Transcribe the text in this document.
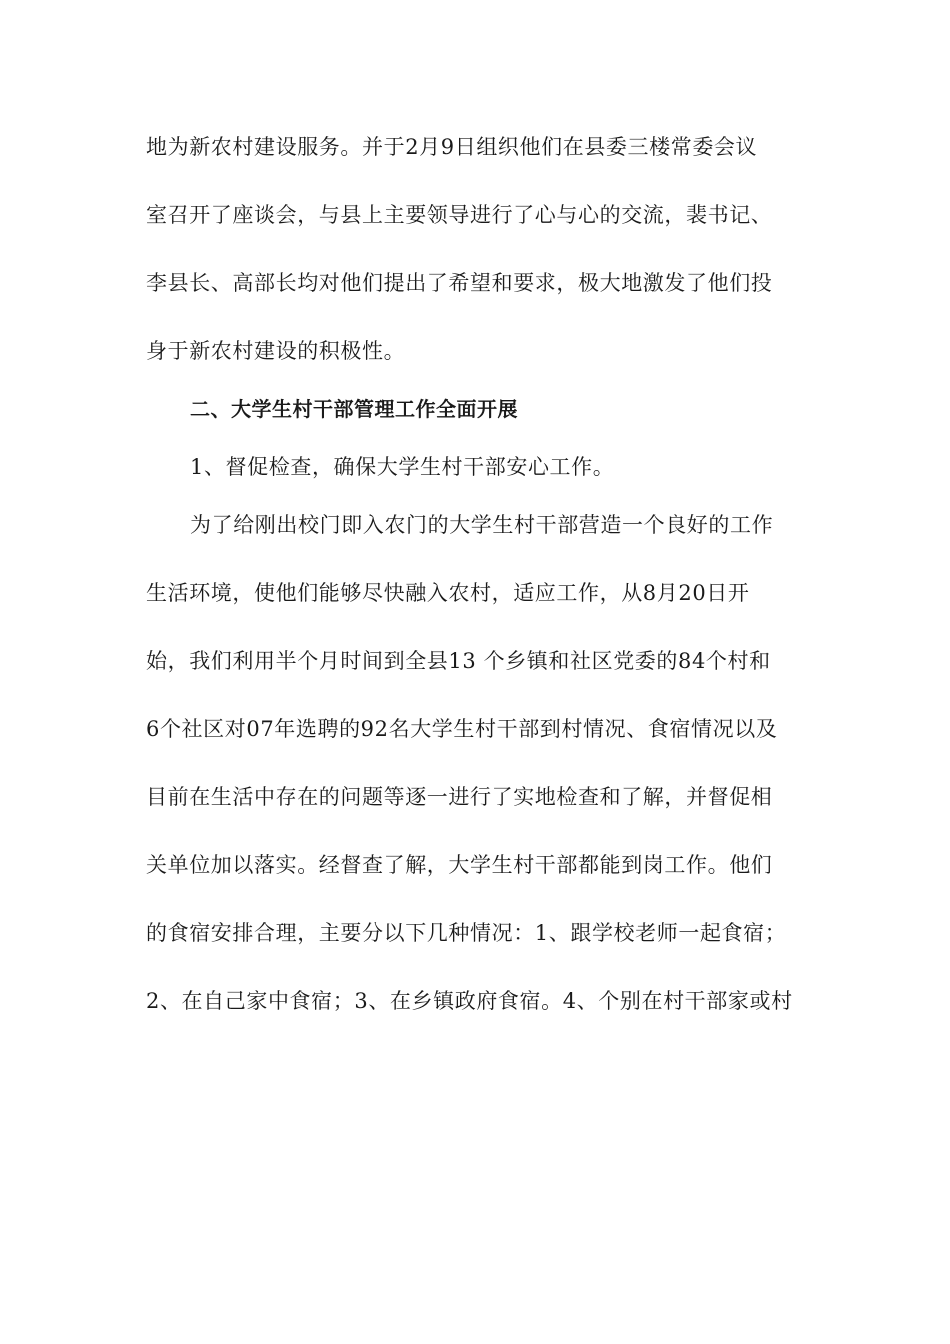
地为新农村建设服务。并于2月9日组织他们在县委三楼常委会议
室召开了座谈会，与县上主要领导进行了心与心的交流，裴书记、
李县长、高部长均对他们提出了希望和要求，极大地激发了他们投
身于新农村建设的积极性。
二、大学生村干部管理工作全面开展
1、督促检查，确保大学生村干部安心工作。
为了给刚出校门即入农门的大学生村干部营造一个良好的工作
生活环境，使他们能够尽快融入农村，适应工作，从8月20日开
始，我们利用半个月时间到全县13 个乡镇和社区党委的84个村和
6个社区对07年选聘的92名大学生村干部到村情况、食宿情况以及
目前在生活中存在的问题等逐一进行了实地检查和了解，并督促相
关单位加以落实。经督查了解，大学生村干部都能到岗工作。他们
的食宿安排合理，主要分以下几种情况：1、跟学校老师一起食宿；
2、在自己家中食宿；3、在乡镇政府食宿。4、个别在村干部家或村
